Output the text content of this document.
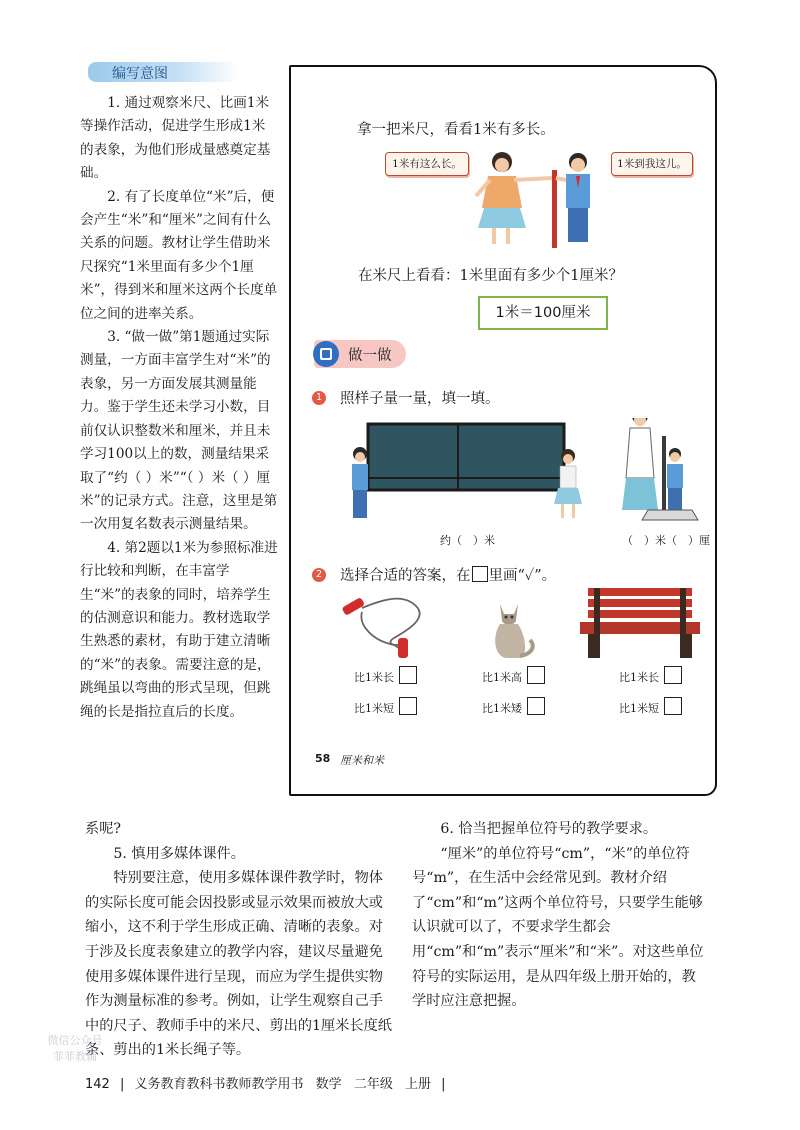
编写意图

1. 通过观察米尺、比画1米等操作活动，促进学生形成1米的表象，为他们形成量感奠定基础。

2. 有了长度单位“米”后，便会产生“米”和“厘米”之间有什么关系的问题。教材让学生借助米尺探究“1米里面有多少个1厘米”，得到米和厘米这两个长度单位之间的进率关系。

3. “做一做”第1题通过实际测量，一方面丰富学生对“米”的表象，另一方面发展其测量能力。鉴于学生还未学习小数，目前仅认识整数米和厘米，并且未学习100以上的数，测量结果采取了“约（ ）米”“（ ）米（ ）厘米”的记录方式。注意，这里是第一次用复名数表示测量结果。

4. 第2题以1米为参照标准进行比较和判断，在丰富学生“米”的表象的同时，培养学生的估测意识和能力。教材选取学生熟悉的素材，有助于建立清晰的“米”的表象。需要注意的是，跳绳虽以弯曲的形式呈现，但跳绳的长是指拉直后的长度。

拿一把米尺，看看1米有多长。
1米有这么长。	1米到我这儿。
在米尺上看看：1米里面有多少个1厘米？
1米＝100厘米
做一做
1 照样子量一量，填一填。
约（　）米	（　）米（　）厘
2 选择合适的答案，在 里画“✓”。
比1米长
比1米短
比1米高
比1米矮
比1米长
比1米短
58 厘米和米

系呢?

5. 慎用多媒体课件。

特别要注意，使用多媒体课件教学时，物体的实际长度可能会因投影或显示效果而被放大或缩小，这不利于学生形成正确、清晰的表象。对于涉及长度表象建立的教学内容，建议尽量避免使用多媒体课件进行呈现，而应为学生提供实物作为测量标准的参考。例如，让学生观察自己手中的尺子、教师手中的米尺、剪出的1厘米长度纸条、剪出的1米长绳子等。

6. 恰当把握单位符号的教学要求。

“厘米”的单位符号“cm”，“米”的单位符号“m”，在生活中会经常见到。教材介绍了“cm”和“m”这两个单位符号，只要学生能够认识就可以了，不要求学生都会用“cm”和“m”表示“厘米”和“米”。对这些单位符号的实际运用，是从四年级上册开始的，教学时应注意把握。

微信公众号
菲菲教辅
142 | 义务教育教科书教师教学用书 数学 二年级 上册 |
